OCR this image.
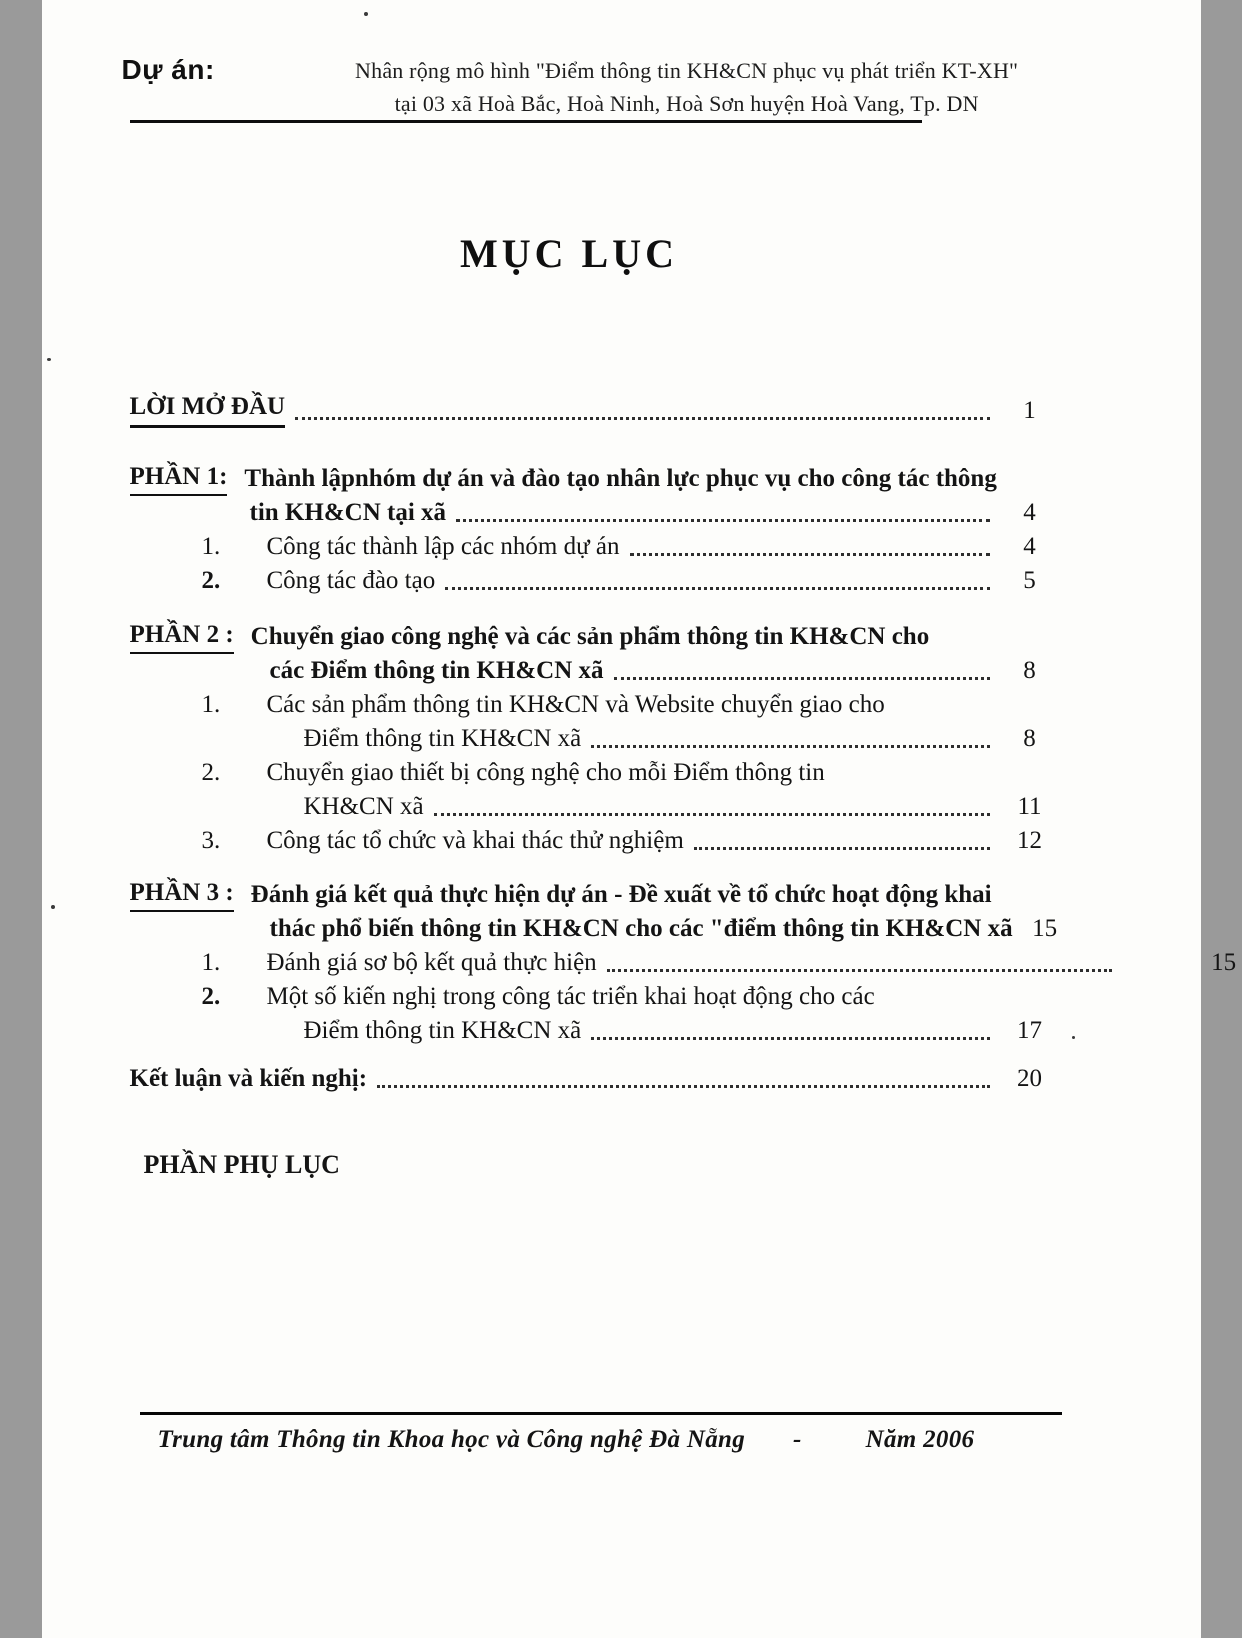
Dự án:	Nhân rộng mô hình "Điểm thông tin KH&CN phục vụ phát triển KT-XH"
tại 03 xã Hoà Bắc, Hoà Ninh, Hoà Sơn huyện Hoà Vang, Tp. DN
MỤC LỤC
LỜI MỞ ĐẦU	1
PHẦN 1: Thành lậpnhóm dự án và đào tạo nhân lực phục vụ cho công tác thông
tin KH&CN tại xã	4
1.	Công tác thành lập các nhóm dự án	4
2.	Công tác đào tạo	5
PHẦN 2 : Chuyển giao công nghệ và các sản phẩm thông tin KH&CN cho
các Điểm thông tin KH&CN xã	8
1.	Các sản phẩm thông tin KH&CN và Website chuyển giao cho
Điểm thông tin KH&CN xã	8
2.	Chuyển giao thiết bị công nghệ cho mỗi Điểm thông tin
KH&CN xã	11
3.	Công tác tổ chức và khai thác thử nghiệm	12
PHẦN 3 : Đánh giá kết quả thực hiện dự án - Đề xuất về tổ chức hoạt động khai
thác phổ biến thông tin KH&CN cho các "điểm thông tin KH&CN xã 15
1.	Đánh giá sơ bộ kết quả thực hiện	15
2.	Một số kiến nghị trong công tác triển khai hoạt động cho các
Điểm thông tin KH&CN xã	17
Kết luận và kiến nghị:	20
PHẦN PHỤ LỤC
Trung tâm Thông tin Khoa học và Công nghệ Đà Nẵng -	Năm 2006
